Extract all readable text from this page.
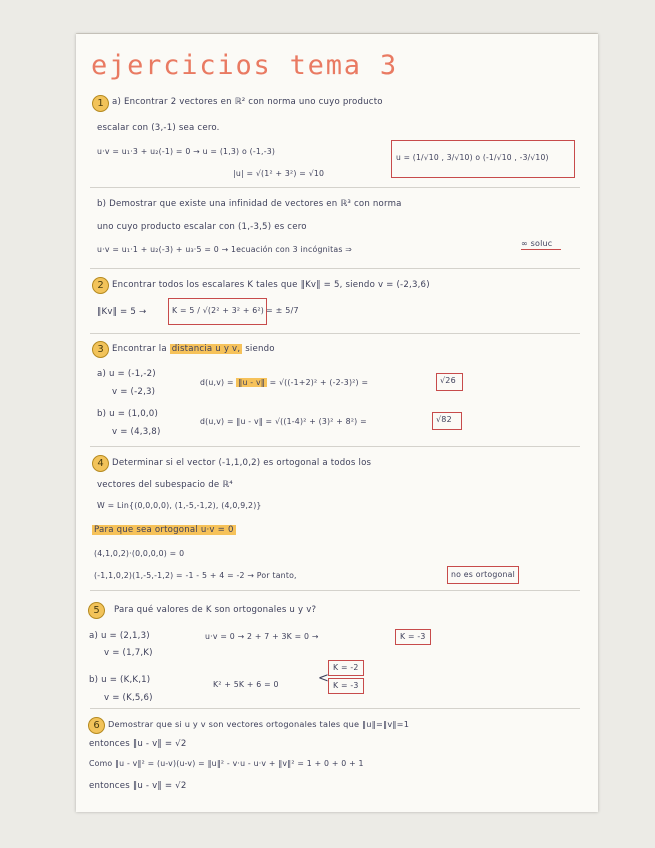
ejercicios tema 3
1 a) Encontrar 2 vectores en ℝ² con norma uno cuyo producto
escalar con (3,-1) sea cero.
u·v = u₁·3 + u₂(-1) = 0 → u = (1,3) o (-1,-3)
|u| = √(1² + 3²) = √10
u = (1/√10 , 3/√10) o (-1/√10 , -3/√10)
b) Demostrar que existe una infinidad de vectores en ℝ³ con norma
uno cuyo producto escalar con (1,-3,5) es cero
u·v = u₁·1 + u₂(-3) + u₃·5 = 0 → 1ecuación con 3 incógnitas ⇒
∞ soluc
2 Encontrar todos los escalares K tales que ‖Kv‖ = 5, siendo v = (-2,3,6)
‖Kv‖ = 5 →	K = 5 / √(2² + 3² + 6²) = ± 5/7
3 Encontrar la distancia u y v, siendo
a) u = (-1,-2)
v = (-2,3)
d(u,v) = ‖u - v‖ = √((-1+2)² + (-2-3)²) =	√26
b) u = (1,0,0)
v = (4,3,8)
d(u,v) = ‖u - v‖ = √((1-4)² + (3)² + 8²) =	√82
4 Determinar si el vector (-1,1,0,2) es ortogonal a todos los
vectores del subespacio de ℝ⁴
W = Lin{(0,0,0,0), (1,-5,-1,2), (4,0,9,2)}
Para que sea ortogonal u·v = 0
(4,1,0,2)·(0,0,0,0) = 0
(-1,1,0,2)(1,-5,-1,2) = -1 - 5 + 4 = -2 → Por tanto,	no es ortogonal
5	Para qué valores de K son ortogonales u y v?
a) u = (2,1,3)
v = (1,7,K)
u·v = 0 → 2 + 7 + 3K = 0 →	K = -3
b) u = (K,K,1)
v = (K,5,6)
K² + 5K + 6 = 0	<
K = -2
K = -3
6	Demostrar que si u y v son vectores ortogonales tales que ‖u‖=‖v‖=1
entonces ‖u - v‖ = √2
Como ‖u - v‖² = (u-v)(u-v) = ‖u‖² - v·u - u·v + ‖v‖² = 1 + 0 + 0 + 1
entonces ‖u - v‖ = √2
